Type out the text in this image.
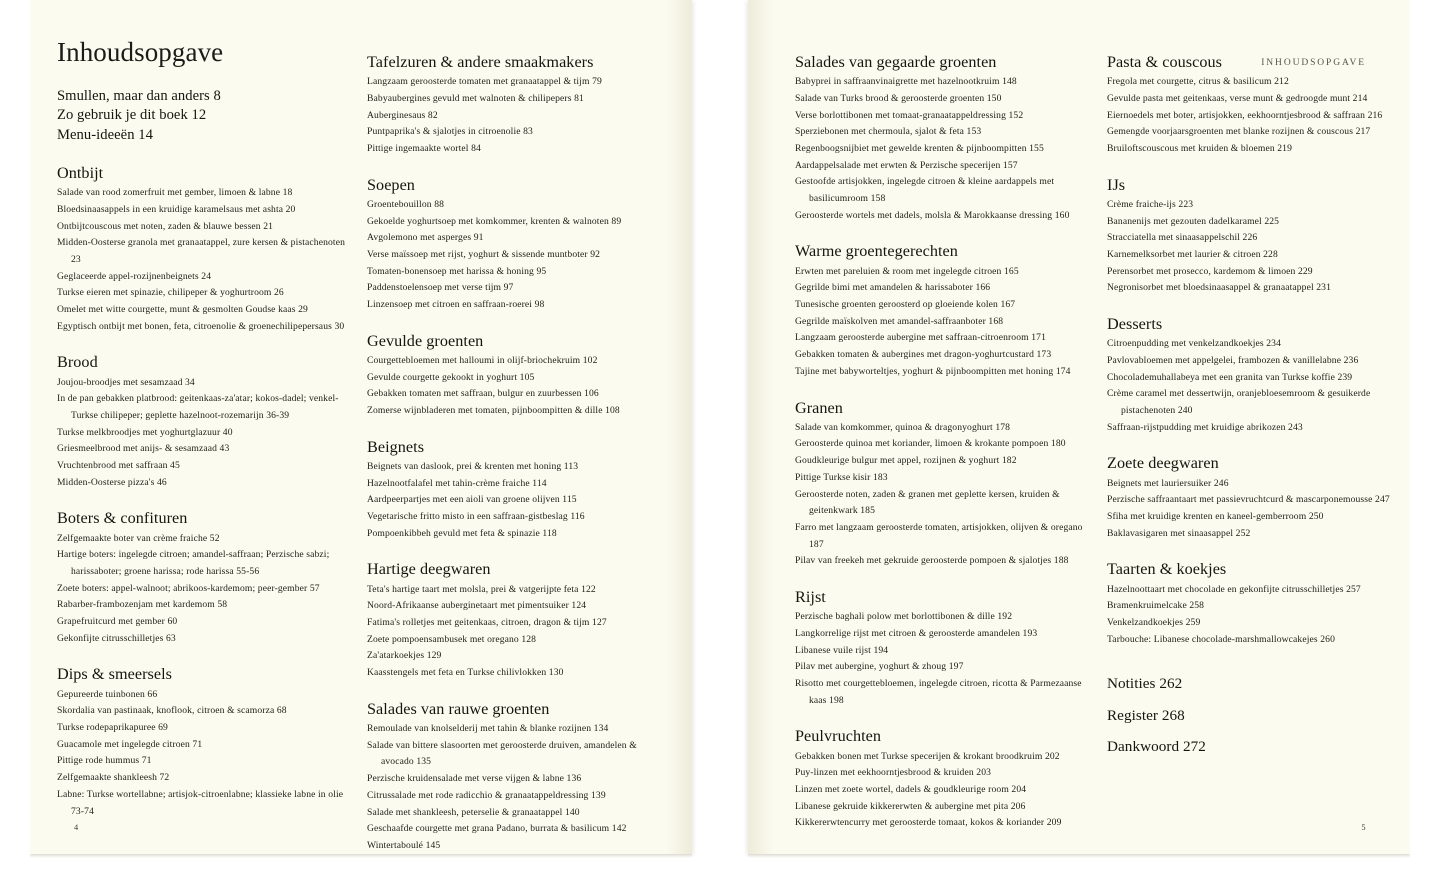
Inhoudsopgave
Smullen, maar dan anders 8
Zo gebruik je dit boek 12
Menu-ideeën 14
Ontbijt
Salade van rood zomerfruit met gember, limoen & labne 18
Bloedsinaasappels in een kruidige karamelsaus met ashta 20
Ontbijtcouscous met noten, zaden & blauwe bessen 21
Midden-Oosterse granola met granaatappel, zure kersen & pistachenoten 23
Geglaceerde appel-rozijnenbeignets 24
Turkse eieren met spinazie, chilipeper & yoghurtroom 26
Omelet met witte courgette, munt & gesmolten Goudse kaas 29
Egyptisch ontbijt met bonen, feta, citroenolie & groenechilipepersaus 30
Brood
Joujou-broodjes met sesamzaad 34
In de pan gebakken platbrood: geitenkaas-za'atar; kokos-dadel; venkel-Turkse chilipeper; geplette hazelnoot-rozemarijn 36-39
Turkse melkbroodjes met yoghurtglazuur 40
Griesmeelbrood met anijs- & sesamzaad 43
Vruchtenbrood met saffraan 45
Midden-Oosterse pizza's 46
Boters & confituren
Zelfgemaakte boter van crème fraiche 52
Hartige boters: ingelegde citroen; amandel-saffraan; Perzische sabzi; harissaboter; groene harissa; rode harissa 55-56
Zoete boters: appel-walnoot; abrikoos-kardemom; peer-gember 57
Rabarber-frambozenjam met kardemom 58
Grapefruitcurd met gember 60
Gekonfijte citrusschilletjes 63
Dips & smeersels
Gepureerde tuinbonen 66
Skordalia van pastinaak, knoflook, citroen & scamorza 68
Turkse rodepaprikapuree 69
Guacamole met ingelegde citroen 71
Pittige rode hummus 71
Zelfgemaakte shankleesh 72
Labne: Turkse wortellabne; artisjok-citroenlabne; klassieke labne in olie 73-74
Tafelzuren & andere smaakmakers
Langzaam geroosterde tomaten met granaatappel & tijm 79
Babyaubergines gevuld met walnoten & chilipepers 81
Auberginesaus 82
Puntpaprika's & sjalotjes in citroenolie 83
Pittige ingemaakte wortel 84
Soepen
Groentebouillon 88
Gekoelde yoghurtsoep met komkommer, krenten & walnoten 89
Avgolemono met asperges 91
Verse maïssoep met rijst, yoghurt & sissende muntboter 92
Tomaten-bonensoep met harissa & honing 95
Paddenstoelensoep met verse tijm 97
Linzensoep met citroen en saffraan-roerei 98
Gevulde groenten
Courgettebloemen met halloumi in olijf-briochekruim 102
Gevulde courgette gekookt in yoghurt 105
Gebakken tomaten met saffraan, bulgur en zuurbessen 106
Zomerse wijnbladeren met tomaten, pijnboompitten & dille 108
Beignets
Beignets van daslook, prei & krenten met honing 113
Hazelnootfalafel met tahin-crème fraiche 114
Aardpeerpartjes met een aioli van groene olijven 115
Vegetarische fritto misto in een saffraan-gistbeslag 116
Pompoenkibbeh gevuld met feta & spinazie 118
Hartige deegwaren
Teta's hartige taart met molsla, prei & vatgerijpte feta 122
Noord-Afrikaanse auberginetaart met pimentsuiker 124
Fatima's rolletjes met geitenkaas, citroen, dragon & tijm 127
Zoete pompoensambusek met oregano 128
Za'atarkoekjes 129
Kaasstengels met feta en Turkse chilivlokken 130
Salades van rauwe groenten
Remoulade van knolselderij met tahin & blanke rozijnen 134
Salade van bittere slasoorten met geroosterde druiven, amandelen & avocado 135
Perzische kruidensalade met verse vijgen & labne 136
Citrussalade met rode radicchio & granaatappeldressing 139
Salade met shankleesh, peterselie & granaatappel 140
Geschaafde courgette met grana Padano, burrata & basilicum 142
Wintertaboulé 145
4
INHOUDSOPGAVE
Salades van gegaarde groenten
Babyprei in saffraanvinaigrette met hazelnootkruim 148
Salade van Turks brood & geroosterde groenten 150
Verse borlottibonen met tomaat-granaatappeldressing 152
Sperziebonen met chermoula, sjalot & feta 153
Regenboogsnijbiet met gewelde krenten & pijnboompitten 155
Aardappelsalade met erwten & Perzische specerijen 157
Gestoofde artisjokken, ingelegde citroen & kleine aardappels met basilicumroom 158
Geroosterde wortels met dadels, molsla & Marokkaanse dressing 160
Warme groentegerechten
Erwten met pareluien & room met ingelegde citroen 165
Gegrilde bimi met amandelen & harissaboter 166
Tunesische groenten geroosterd op gloeiende kolen 167
Gegrilde maïskolven met amandel-saffraanboter 168
Langzaam geroosterde aubergine met saffraan-citroenroom 171
Gebakken tomaten & aubergines met dragon-yoghurtcustard 173
Tajine met babyworteltjes, yoghurt & pijnboompitten met honing 174
Granen
Salade van komkommer, quinoa & dragonyoghurt 178
Geroosterde quinoa met koriander, limoen & krokante pompoen 180
Goudkleurige bulgur met appel, rozijnen & yoghurt 182
Pittige Turkse kisir 183
Geroosterde noten, zaden & granen met geplette kersen, kruiden & geitenkwark 185
Farro met langzaam geroosterde tomaten, artisjokken, olijven & oregano 187
Pilav van freekeh met gekruide geroosterde pompoen & sjalotjes 188
Rijst
Perzische baghali polow met borlottibonen & dille 192
Langkorrelige rijst met citroen & geroosterde amandelen 193
Libanese vuile rijst 194
Pilav met aubergine, yoghurt & zhoug 197
Risotto met courgettebloemen, ingelegde citroen, ricotta & Parmezaanse kaas 198
Peulvruchten
Gebakken bonen met Turkse specerijen & krokant broodkruim 202
Puy-linzen met eekhoorntjesbrood & kruiden 203
Linzen met zoete wortel, dadels & goudkleurige room 204
Libanese gekruide kikkererwten & aubergine met pita 206
Kikkererwtencurry met geroosterde tomaat, kokos & koriander 209
Pasta & couscous
Fregola met courgette, citrus & basilicum 212
Gevulde pasta met geitenkaas, verse munt & gedroogde munt 214
Eiernoedels met boter, artisjokken, eekhoorntjesbrood & saffraan 216
Gemengde voorjaarsgroenten met blanke rozijnen & couscous 217
Bruiloftscouscous met kruiden & bloemen 219
IJs
Crème fraiche-ijs 223
Bananenijs met gezouten dadelkaramel 225
Stracciatella met sinaasappelschil 226
Karnemelksorbet met laurier & citroen 228
Perensorbet met prosecco, kardemom & limoen 229
Negronisorbet met bloedsinaasappel & granaatappel 231
Desserts
Citroenpudding met venkelzandkoekjes 234
Pavlovabloemen met appelgelei, frambozen & vanillelabne 236
Chocolademuhallabeya met een granita van Turkse koffie 239
Crème caramel met dessertwijn, oranjebloesemroom & gesuikerde pistachenoten 240
Saffraan-rijstpudding met kruidige abrikozen 243
Zoete deegwaren
Beignets met lauriersuiker 246
Perzische saffraantaart met passievruchtcurd & mascarponemousse 247
Sfiha met kruidige krenten en kaneel-gemberroom 250
Baklavasigaren met sinaasappel 252
Taarten & koekjes
Hazelnoottaart met chocolade en gekonfijte citrusschilletjes 257
Bramenkruimelcake 258
Venkelzandkoekjes 259
Tarbouche: Libanese chocolade-marshmallowcakejes 260
Notities 262
Register 268
Dankwoord 272
5
